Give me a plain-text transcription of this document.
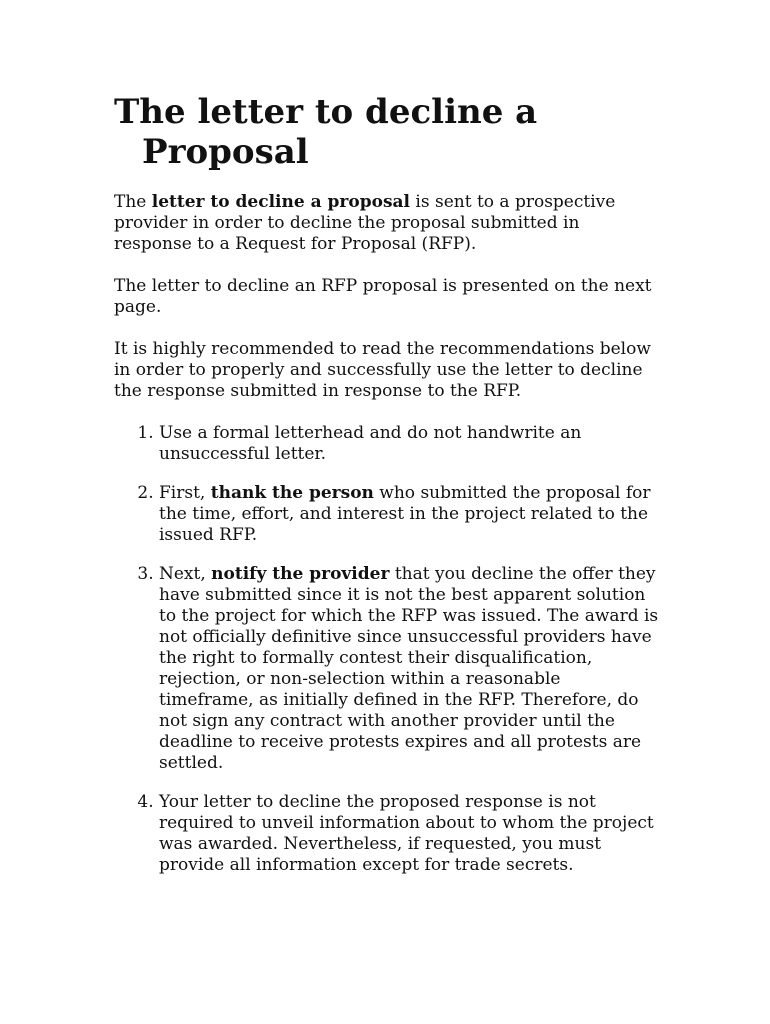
The letter to decline a Proposal

The letter to decline a proposal is sent to a prospective provider in order to decline the proposal submitted in response to a Request for Proposal (RFP).

The letter to decline an RFP proposal is presented on the next page.

It is highly recommended to read the recommendations below in order to properly and successfully use the letter to decline the response submitted in response to the RFP.

1. Use a formal letterhead and do not handwrite an unsuccessful letter.
2. First, thank the person who submitted the proposal for the time, effort, and interest in the project related to the issued RFP.
3. Next, notify the provider that you decline the offer they have submitted since it is not the best apparent solution to the project for which the RFP was issued. The award is not officially definitive since unsuccessful providers have the right to formally contest their disqualification, rejection, or non-selection within a reasonable timeframe, as initially defined in the RFP. Therefore, do not sign any contract with another provider until the deadline to receive protests expires and all protests are settled.
4. Your letter to decline the proposed response is not required to unveil information about to whom the project was awarded. Nevertheless, if requested, you must provide all information except for trade secrets.
